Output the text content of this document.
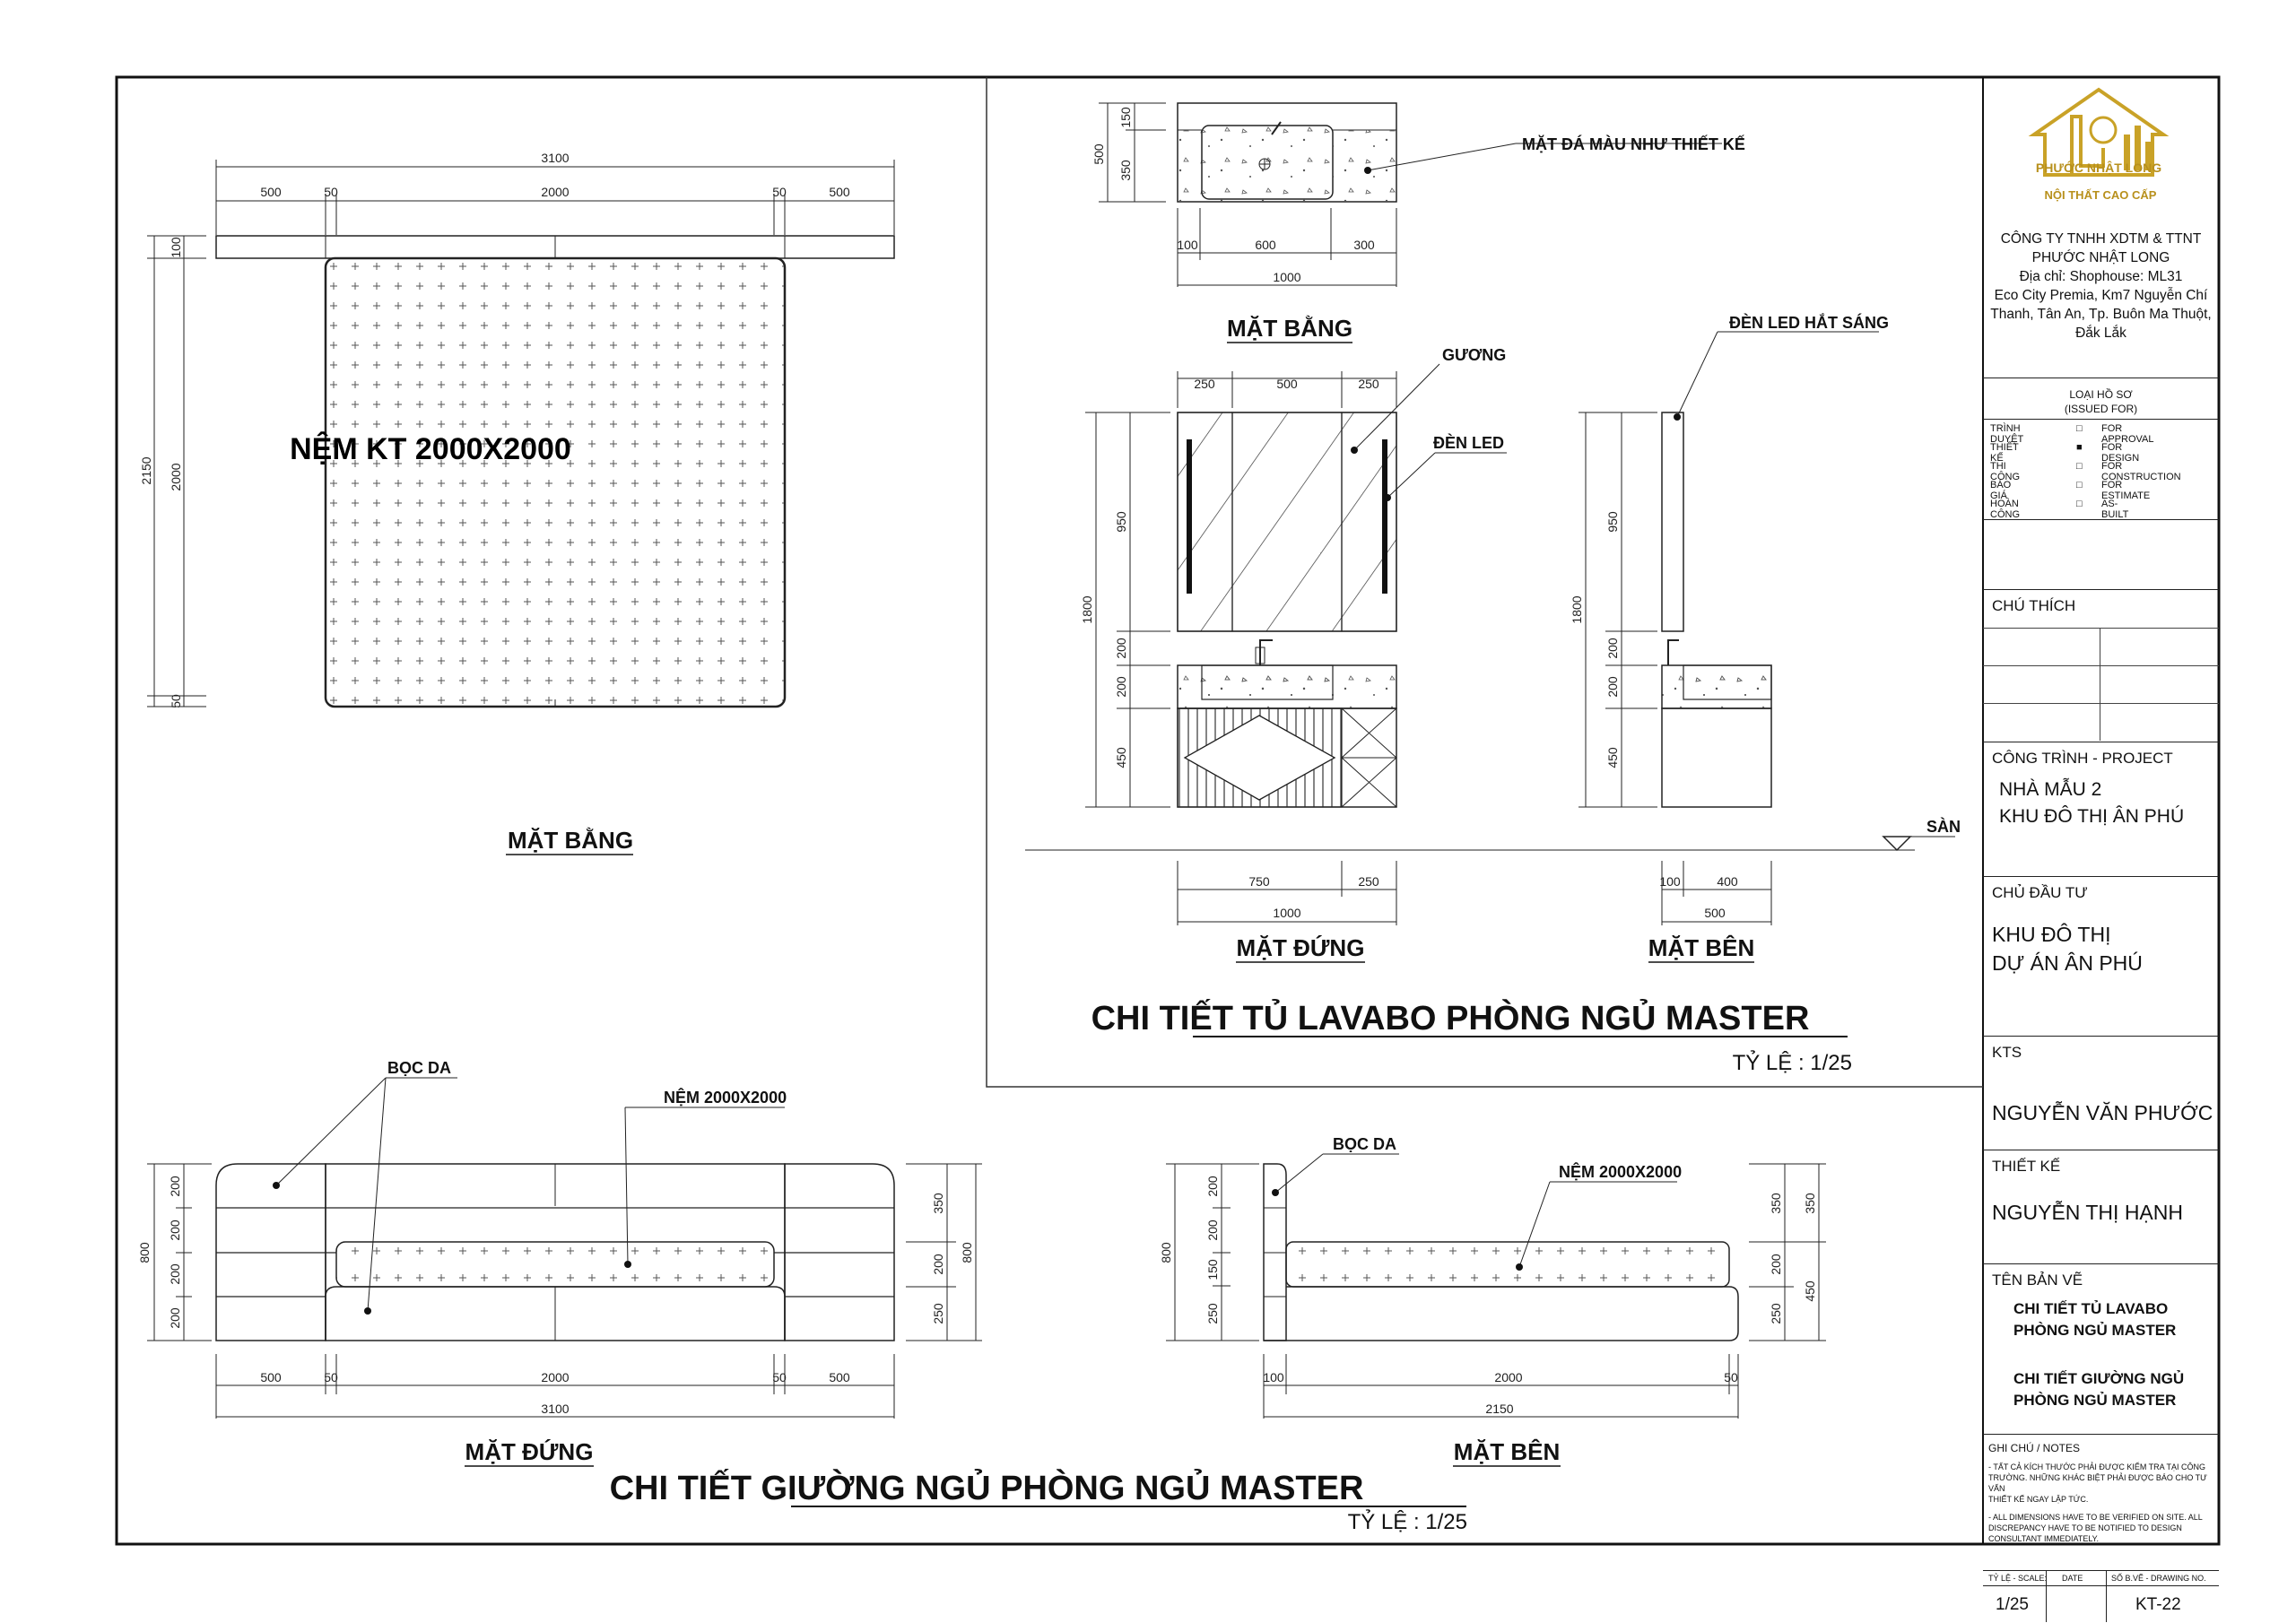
NỆM KT 2000X2000
3100
500	50	2000	50	500
2150
100
2000
50
MẶT BẰNG
BỌC DA
NỆM 2000X2000
800
200
200
200
200
350
200
250
800
500	50	2000	50	500
3100
MẶT ĐỨNG
BỌC DA
NỆM 2000X2000
800
200
200
150
250
350
200
250
350
450
100	2000	50
2150
MẶT BÊN
CHI TIẾT GIƯỜNG NGỦ PHÒNG NGỦ MASTER
TỶ LỆ : 1/25
MẶT ĐÁ MÀU NHƯ THIẾT KẾ
500
150
350
100	600	300
1000
MẶT BẰNG
GƯƠNG
ĐÈN LED
250	500	250
1800
950
200
200
450
750	250
1000
MẶT ĐỨNG
ĐÈN LED HẮT SÁNG
SÀN
1800
950
200
200
450
100	400
500
MẶT BÊN
CHI TIẾT TỦ LAVABO PHÒNG NGỦ MASTER
TỶ LỆ : 1/25
PHƯỚC NHẬT LONG
NỘI THẤT CAO CẤP
CÔNG TY TNHH XDTM & TTNT
PHƯỚC NHẬT LONG
Địa chỉ: Shophouse: ML31
Eco City Premia, Km7 Nguyễn Chí
Thanh, Tân An, Tp. Buôn Ma Thuột,
Đắk Lắk
LOẠI HỒ SƠ
(ISSUED FOR)
TRÌNH DUYỆT
□ FOR APPROVAL
THIẾT KẾ
■ FOR DESIGN
THI CÔNG
□ FOR CONSTRUCTION
BÁO GIÁ
□ FOR ESTIMATE
HOÀN CÔNG
□ AS-BUILT
CHÚ THÍCH
CÔNG TRÌNH - PROJECT
NHÀ MẪU 2
KHU ĐÔ THỊ ÂN PHÚ
CHỦ ĐẦU TƯ
KHU ĐÔ THỊ
DỰ ÁN ÂN PHÚ
KTS
NGUYỄN VĂN PHƯỚC
THIẾT KẾ
NGUYỄN THỊ HẠNH
TÊN BẢN VẼ
CHI TIẾT TỦ LAVABO
PHÒNG NGỦ MASTER
CHI TIẾT GIƯỜNG NGỦ
PHÒNG NGỦ MASTER
GHI CHÚ / NOTES
- TẤT CẢ KÍCH THƯỚC PHẢI ĐƯỢC KIỂM TRA TẠI CÔNG
TRƯỜNG. NHỮNG KHÁC BIỆT PHẢI ĐƯỢC BÁO CHO TƯ VẤN
THIẾT KẾ NGAY LẬP TỨC.
- ALL DIMENSIONS HAVE TO BE VERIFIED ON SITE. ALL
DISCREPANCY HAVE TO BE NOTIFIED TO DESIGN
CONSULTANT IMMEDIATELY.
TỶ LỆ - SCALE: DATE	SỐ B.VẼ - DRAWING NO.
1/25	KT-22
